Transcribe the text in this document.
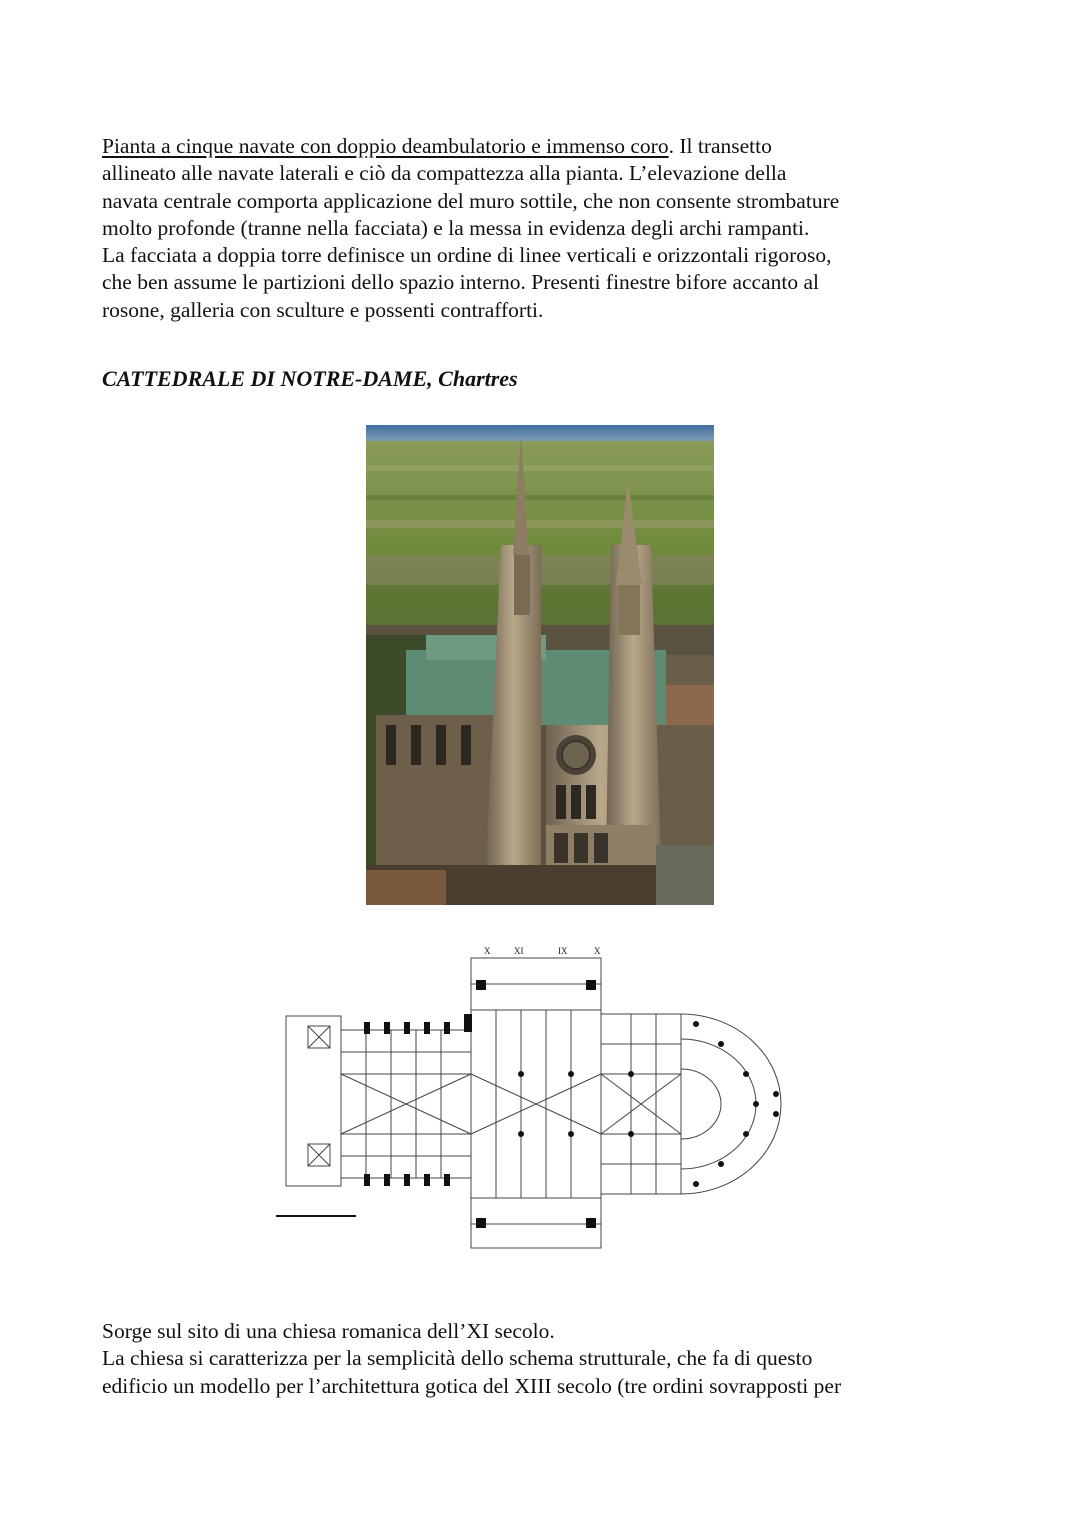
Pianta a cinque navate con doppio deambulatorio e immenso coro. Il transetto
allineato alle navate laterali e ciò da compattezza alla pianta. L’elevazione della
navata centrale comporta applicazione del muro sottile, che non consente strombature
molto profonde (tranne nella facciata) e la messa in evidenza degli archi rampanti.
La facciata a doppia torre definisce un ordine di linee verticali e orizzontali rigoroso,
che ben assume le partizioni dello spazio interno. Presenti finestre bifore accanto al
rosone, galleria con sculture e possenti contrafforti.
CATTEDRALE DI NOTRE-DAME, Chartres
X	XI	IX	X
Sorge sul sito di una chiesa romanica dell’XI secolo.
La chiesa si caratterizza per la semplicità dello schema strutturale, che fa di questo
edificio un modello per l’architettura gotica del XIII secolo (tre ordini sovrapposti per
